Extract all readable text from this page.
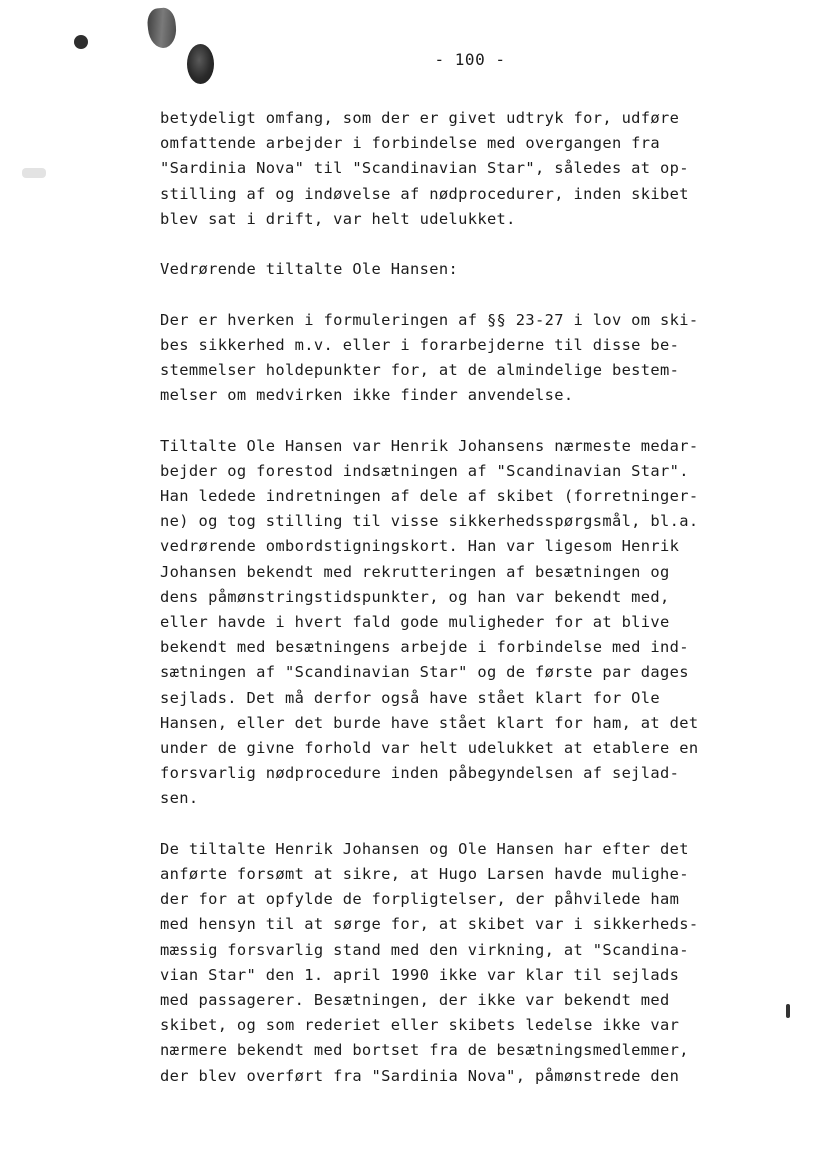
- 100 -
betydeligt omfang, som der er givet udtryk for, udføre
omfattende arbejder i forbindelse med overgangen fra
"Sardinia Nova" til "Scandinavian Star", således at op-
stilling af og indøvelse af nødprocedurer, inden skibet
blev sat i drift, var helt udelukket.
Vedrørende tiltalte Ole Hansen:
Der er hverken i formuleringen af §§ 23-27 i lov om ski-
bes sikkerhed m.v. eller i forarbejderne til disse be-
stemmelser holdepunkter for, at de almindelige bestem-
melser om medvirken ikke finder anvendelse.
Tiltalte Ole Hansen var Henrik Johansens nærmeste medar-
bejder og forestod indsætningen af "Scandinavian Star".
Han ledede indretningen af dele af skibet (forretninger-
ne) og tog stilling til visse sikkerhedsspørgsmål, bl.a.
vedrørende ombordstigningskort. Han var ligesom Henrik
Johansen bekendt med rekrutteringen af besætningen og
dens påmønstringstidspunkter, og han var bekendt med,
eller havde i hvert fald gode muligheder for at blive
bekendt med besætningens arbejde i forbindelse med ind-
sætningen af "Scandinavian Star" og de første par dages
sejlads. Det må derfor også have stået klart for Ole
Hansen, eller det burde have stået klart for ham, at det
under de givne forhold var helt udelukket at etablere en
forsvarlig nødprocedure inden påbegyndelsen af sejlad-
sen.
De tiltalte Henrik Johansen og Ole Hansen har efter det
anførte forsømt at sikre, at Hugo Larsen havde mulighe-
der for at opfylde de forpligtelser, der påhvilede ham
med hensyn til at sørge for, at skibet var i sikkerheds-
mæssig forsvarlig stand med den virkning, at "Scandina-
vian Star" den 1. april 1990 ikke var klar til sejlads
med passagerer. Besætningen, der ikke var bekendt med
skibet, og som rederiet eller skibets ledelse ikke var
nærmere bekendt med bortset fra de besætningsmedlemmer,
der blev overført fra "Sardinia Nova", påmønstrede den
